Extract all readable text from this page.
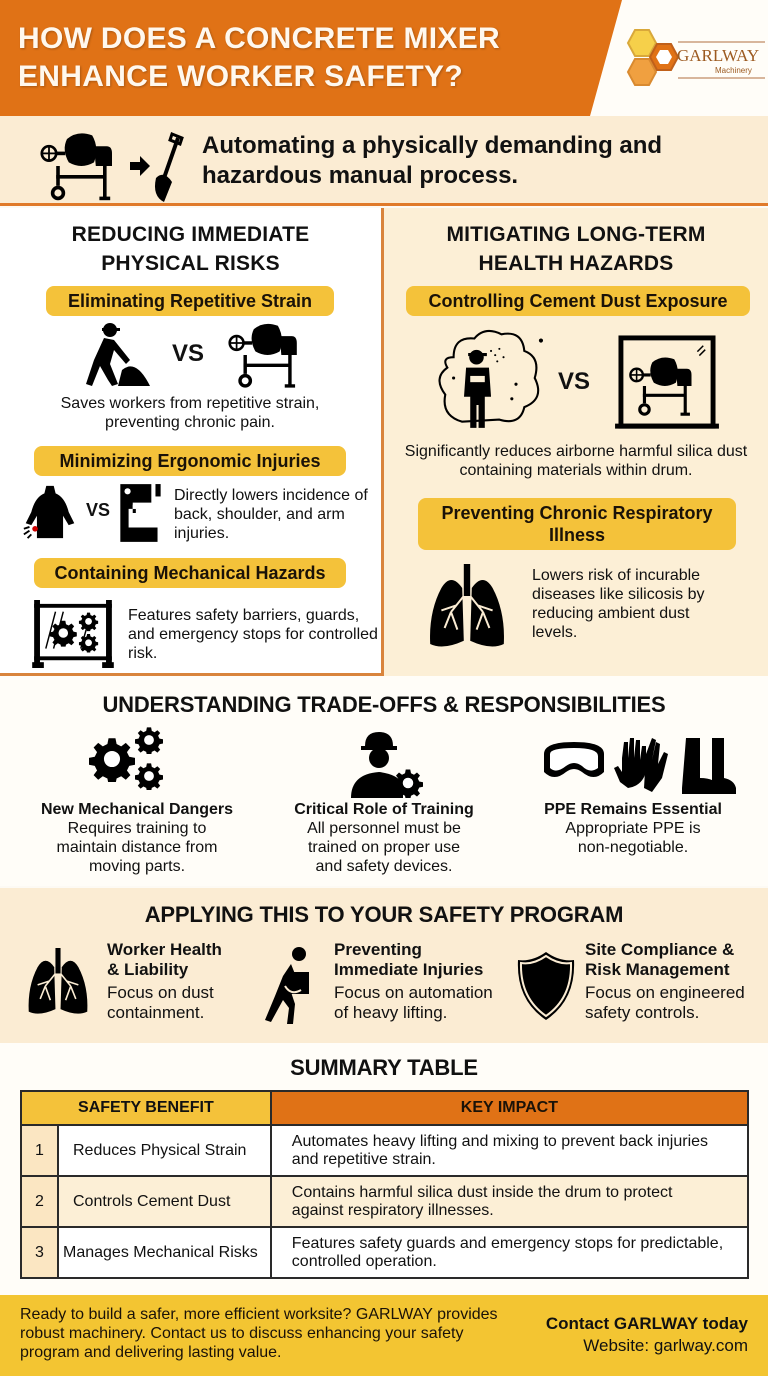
HOW DOES A CONCRETE MIXER
ENHANCE WORKER SAFETY?
GARLWAY
Machinery
Automating a physically demanding and hazardous manual process.
REDUCING IMMEDIATE PHYSICAL RISKS
Eliminating Repetitive Strain
VS
Saves workers from repetitive strain, preventing chronic pain.
Minimizing Ergonomic Injuries
VS
Directly lowers incidence of back, shoulder, and arm injuries.
Containing Mechanical Hazards
Features safety barriers, guards, and emergency stops for controlled risk.
MITIGATING LONG-TERM HEALTH HAZARDS
Controlling Cement Dust Exposure
VS
Significantly reduces airborne harmful silica dust containing materials within drum.
Preventing Chronic Respiratory Illness
Lowers risk of incurable diseases like silicosis by reducing ambient dust levels.
UNDERSTANDING TRADE-OFFS & RESPONSIBILITIES
New Mechanical Dangers
Requires training to maintain distance from moving parts.
Critical Role of Training
All personnel must be trained on proper use and safety devices.
PPE Remains Essential
Appropriate PPE is non-negotiable.
APPLYING THIS TO YOUR SAFETY PROGRAM
Worker Health
& Liability
Focus on dust
containment.
Preventing
Immediate Injuries
Focus on automation
of heavy lifting.
Site Compliance &
Risk Management
Focus on engineered
safety controls.
SUMMARY TABLE
SAFETY BENEFIT		KEY IMPACT
1	Reduces Physical Strain	Automates heavy lifting and mixing to prevent back injuries and repetitive strain.
2	Controls Cement Dust	Contains harmful silica dust inside the drum to protect against respiratory illnesses.
3	Manages Mechanical Risks	Features safety guards and emergency stops for predictable, controlled operation.
Ready to build a safer, more efficient worksite? GARLWAY provides robust machinery. Contact us to discuss enhancing your safety program and delivering lasting value.
Contact GARLWAY today
Website: garlway.com
